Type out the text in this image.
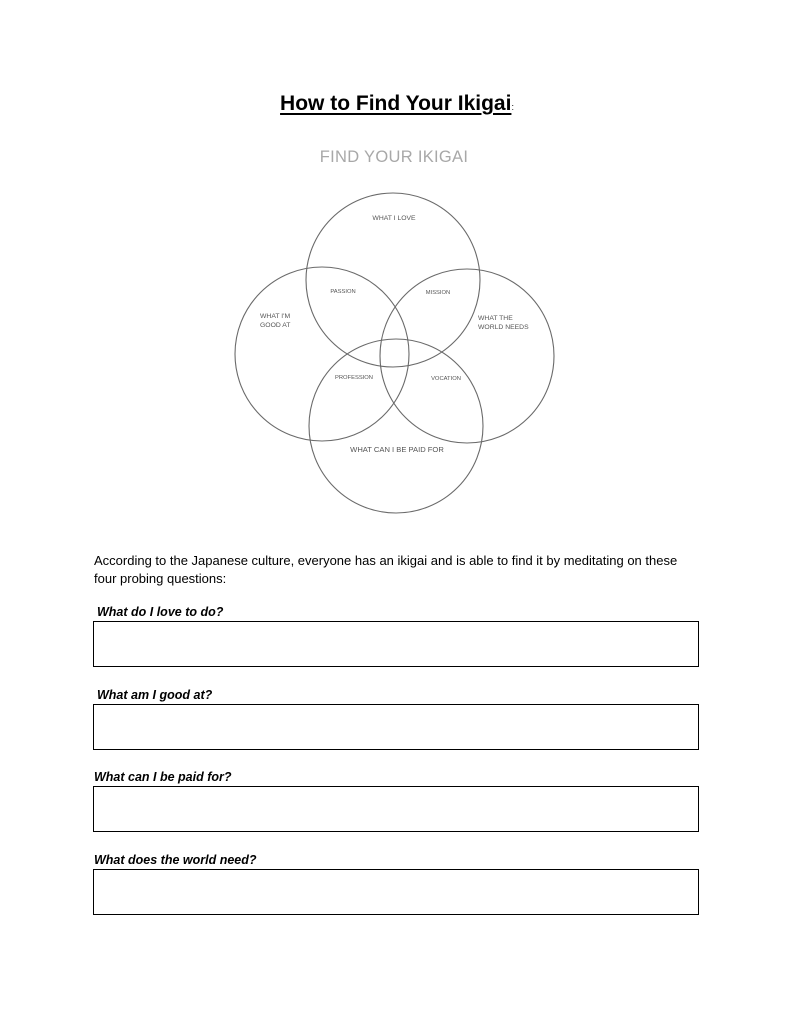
How to Find Your Ikigai:
FIND YOUR IKIGAI
WHAT I LOVE
WHAT I'M
GOOD AT
WHAT THE
WORLD NEEDS
WHAT CAN I BE PAID FOR
PASSION	MISSION
PROFESSION	VOCATION
According to the Japanese culture, everyone has an ikigai and is able to find it by meditating on these four probing questions:
What do I love to do?
What am I good at?
What can I be paid for?
What does the world need?
